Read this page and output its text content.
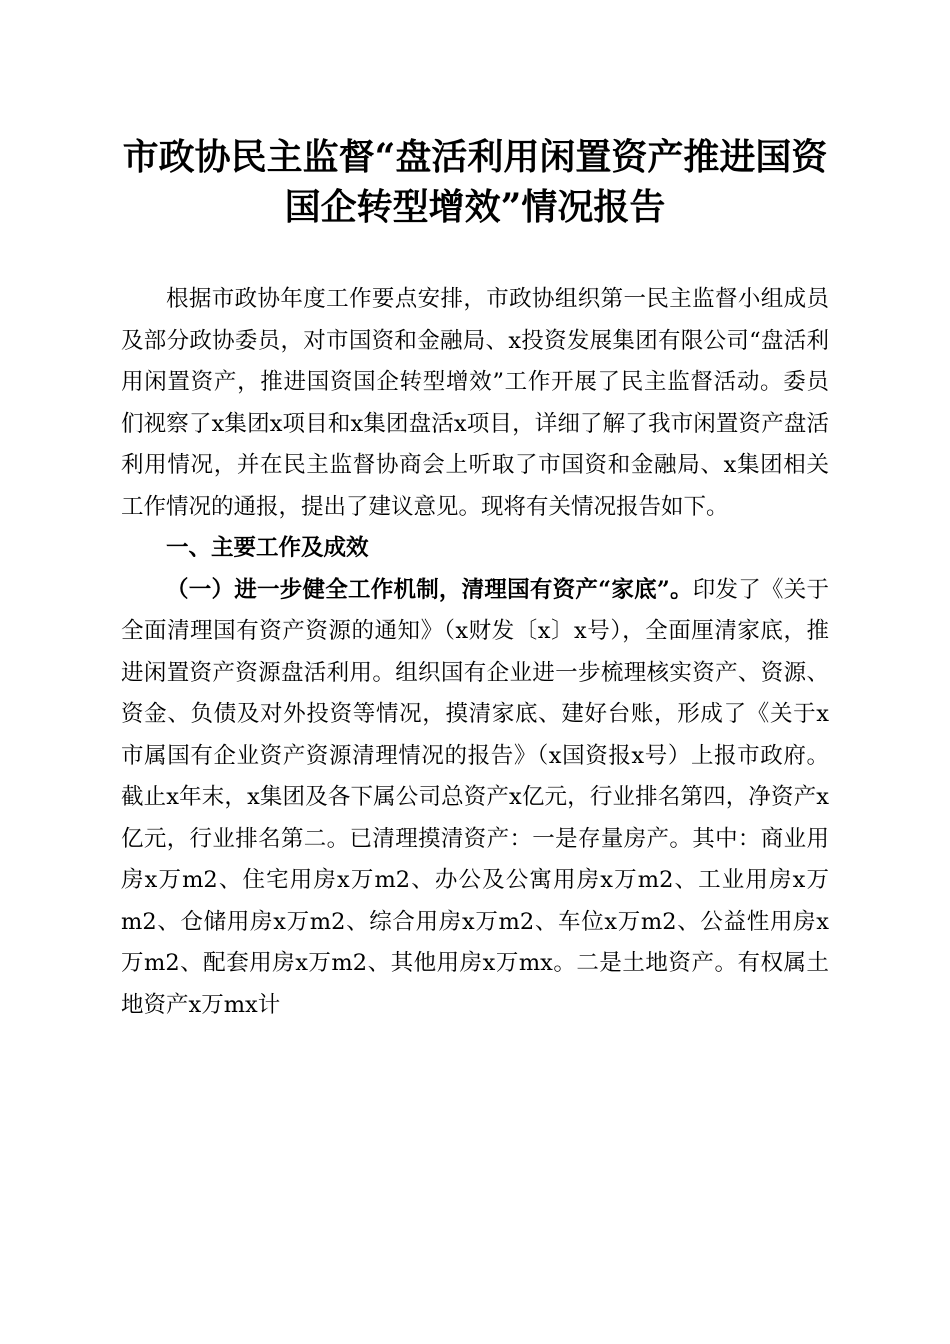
市政协民主监督“盘活利用闲置资产推进国资
国企转型增效”情况报告

根据市政协年度工作要点安排，市政协组织第一民主监督小组成员及部分政协委员，对市国资和金融局、x投资发展集团有限公司“盘活利用闲置资产，推进国资国企转型增效”工作开展了民主监督活动。委员们视察了x集团x项目和x集团盘活x项目，详细了解了我市闲置资产盘活利用情况，并在民主监督协商会上听取了市国资和金融局、x集团相关工作情况的通报，提出了建议意见。现将有关情况报告如下。

一、主要工作及成效

（一）进一步健全工作机制，清理国有资产“家底”。印发了《关于全面清理国有资产资源的通知》（x财发〔x〕x号），全面厘清家底，推进闲置资产资源盘活利用。组织国有企业进一步梳理核实资产、资源、资金、负债及对外投资等情况，摸清家底、建好台账，形成了《关于x市属国有企业资产资源清理情况的报告》（x国资报x号）上报市政府。截止x年末，x集团及各下属公司总资产x亿元，行业排名第四，净资产x亿元，行业排名第二。已清理摸清资产：一是存量房产。其中：商业用房x万m2、住宅用房x万m2、办公及公寓用房x万m2、工业用房x万m2、仓储用房x万m2、综合用房x万m2、车位x万m2、公益性用房x万m2、配套用房x万m2、其他用房x万mx。二是土地资产。有权属土地资产x万mx计
